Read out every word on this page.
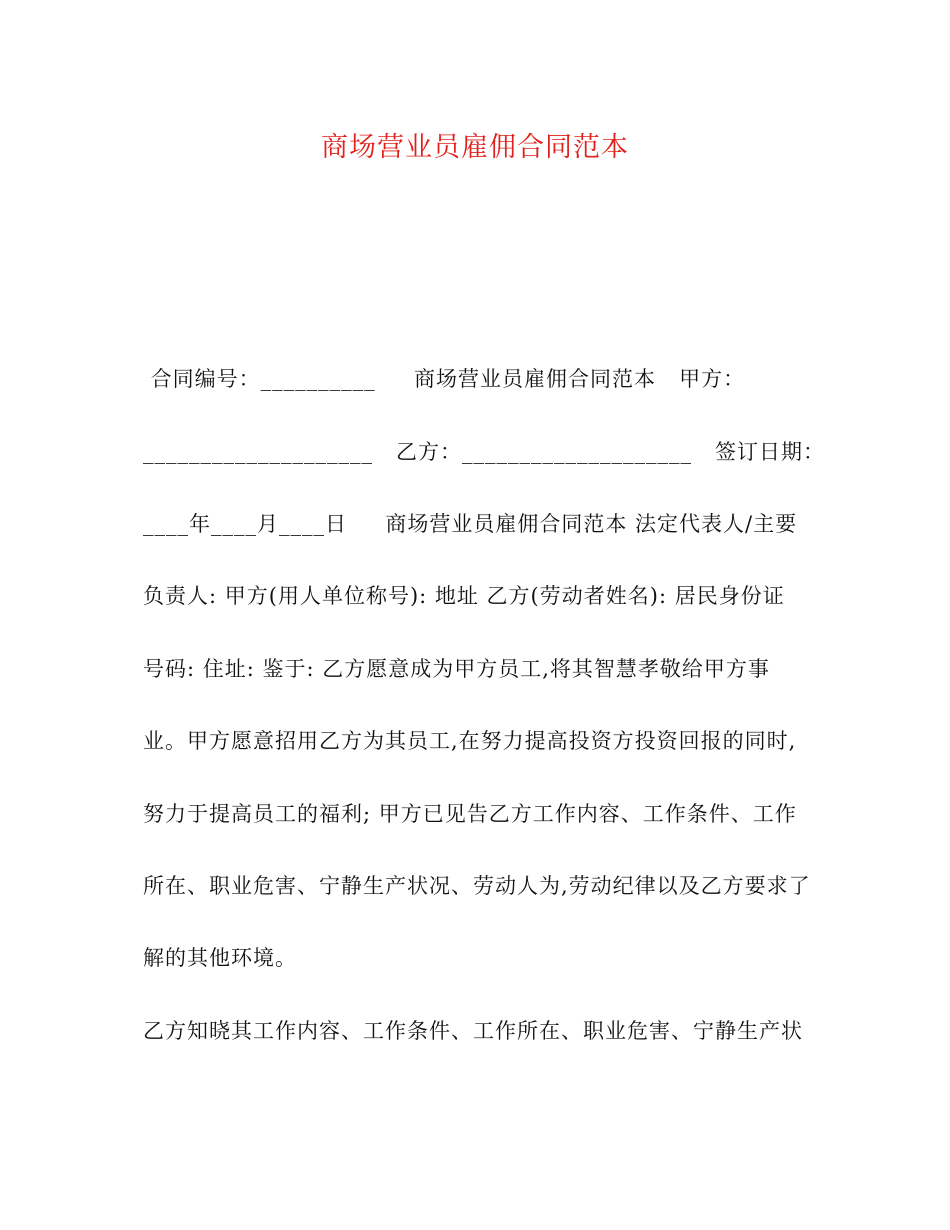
商场营业员雇佣合同范本
合同编号：__________     商场营业员雇佣合同范本   甲方：
____________________   乙方：____________________   签订日期：
____年____月____日     商场营业员雇佣合同范本 法定代表人/主要
负责人: 甲方(用人单位称号): 地址 乙方(劳动者姓名): 居民身份证
号码: 住址: 鉴于: 乙方愿意成为甲方员工,将其智慧孝敬给甲方事
业。甲方愿意招用乙方为其员工,在努力提高投资方投资回报的同时,
努力于提高员工的福利; 甲方已见告乙方工作内容、工作条件、工作
所在、职业危害、宁静生产状况、劳动人为,劳动纪律以及乙方要求了
解的其他环境。
乙方知晓其工作内容、工作条件、工作所在、职业危害、宁静生产状
